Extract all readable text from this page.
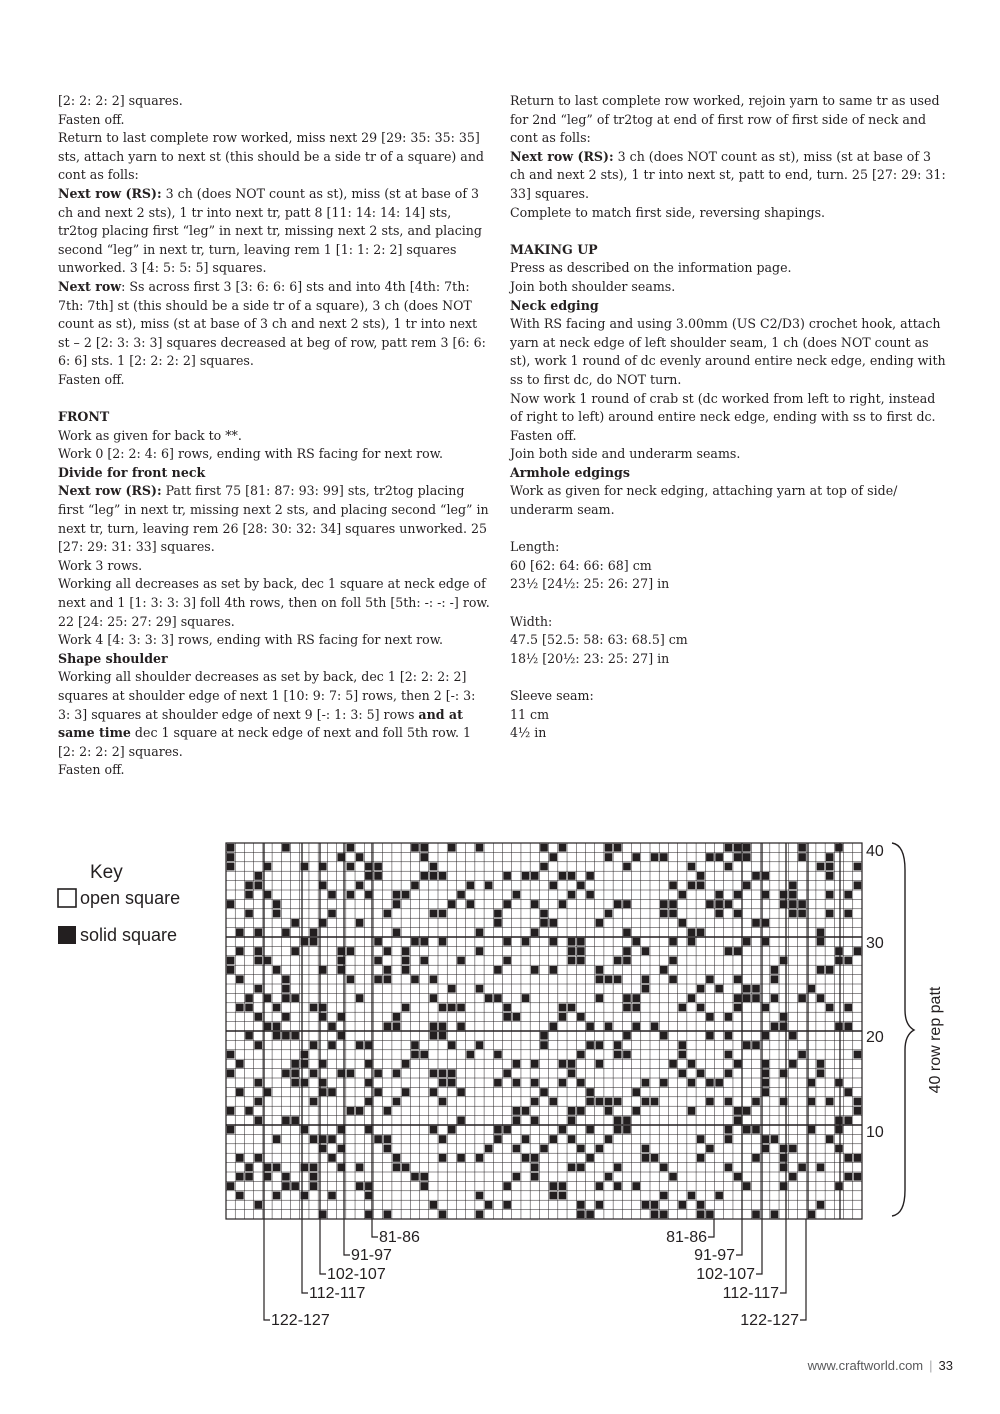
[2: 2: 2: 2] squares.

Fasten off.

Return to last complete row worked, miss next 29 [29: 35: 35: 35] sts, attach yarn to next st (this should be a side tr of a square) and cont as folls:

Next row (RS): 3 ch (does NOT count as st), miss (st at base of 3 ch and next 2 sts), 1 tr into next tr, patt 8 [11: 14: 14: 14] sts, tr2tog placing first “leg” in next tr, missing next 2 sts, and placing second “leg” in next tr, turn, leaving rem 1 [1: 1: 2: 2] squares unworked. 3 [4: 5: 5: 5] squares.

Next row: Ss across first 3 [3: 6: 6: 6] sts and into 4th [4th: 7th: 7th: 7th] st (this should be a side tr of a square), 3 ch (does NOT count as st), miss (st at base of 3 ch and next 2 sts), 1 tr into next st – 2 [2: 3: 3: 3] squares decreased at beg of row, patt rem 3 [6: 6: 6: 6] sts. 1 [2: 2: 2: 2] squares.

Fasten off.

FRONT

Work as given for back to **.

Work 0 [2: 2: 4: 6] rows, ending with RS facing for next row.

Divide for front neck

Next row (RS): Patt first 75 [81: 87: 93: 99] sts, tr2tog placing first “leg” in next tr, missing next 2 sts, and placing second “leg” in next tr, turn, leaving rem 26 [28: 30: 32: 34] squares unworked. 25 [27: 29: 31: 33] squares.

Work 3 rows.

Working all decreases as set by back, dec 1 square at neck edge of next and 1 [1: 3: 3: 3] foll 4th rows, then on foll 5th [5th: -: -: -] row. 22 [24: 25: 27: 29] squares.

Work 4 [4: 3: 3: 3] rows, ending with RS facing for next row.

Shape shoulder

Working all shoulder decreases as set by back, dec 1 [2: 2: 2: 2] squares at shoulder edge of next 1 [10: 9: 7: 5] rows, then 2 [-: 3: 3: 3] squares at shoulder edge of next 9 [-: 1: 3: 5] rows and at same time dec 1 square at neck edge of next and foll 5th row. 1 [2: 2: 2: 2] squares.

Fasten off.

Return to last complete row worked, rejoin yarn to same tr as used for 2nd “leg” of tr2tog at end of first row of first side of neck and cont as folls:

Next row (RS): 3 ch (does NOT count as st), miss (st at base of 3 ch and next 2 sts), 1 tr into next st, patt to end, turn. 25 [27: 29: 31: 33] squares.

Complete to match first side, reversing shapings.

MAKING UP

Press as described on the information page.

Join both shoulder seams.

Neck edging

With RS facing and using 3.00mm (US C2/D3) crochet hook, attach yarn at neck edge of left shoulder seam, 1 ch (does NOT count as st), work 1 round of dc evenly around entire neck edge, ending with ss to first dc, do NOT turn.

Now work 1 round of crab st (dc worked from left to right, instead of right to left) around entire neck edge, ending with ss to first dc.

Fasten off.

Join both side and underarm seams.

Armhole edgings

Work as given for neck edging, attaching yarn at top of side/ underarm seam.

Length:

60 [62: 64: 66: 68] cm

23½ [24½: 25: 26: 27] in

Width:

47.5 [52.5: 58: 63: 68.5] cm

18½ [20½: 23: 25: 27] in

Sleeve seam:

11 cm

4½ in

Key
open square
solid square
40
30
20
10
40 row rep patt
81-86
91-97
102-107
112-117
122-127
81-86
91-97
102-107
112-117
122-127
www.craftworld.com | 33
